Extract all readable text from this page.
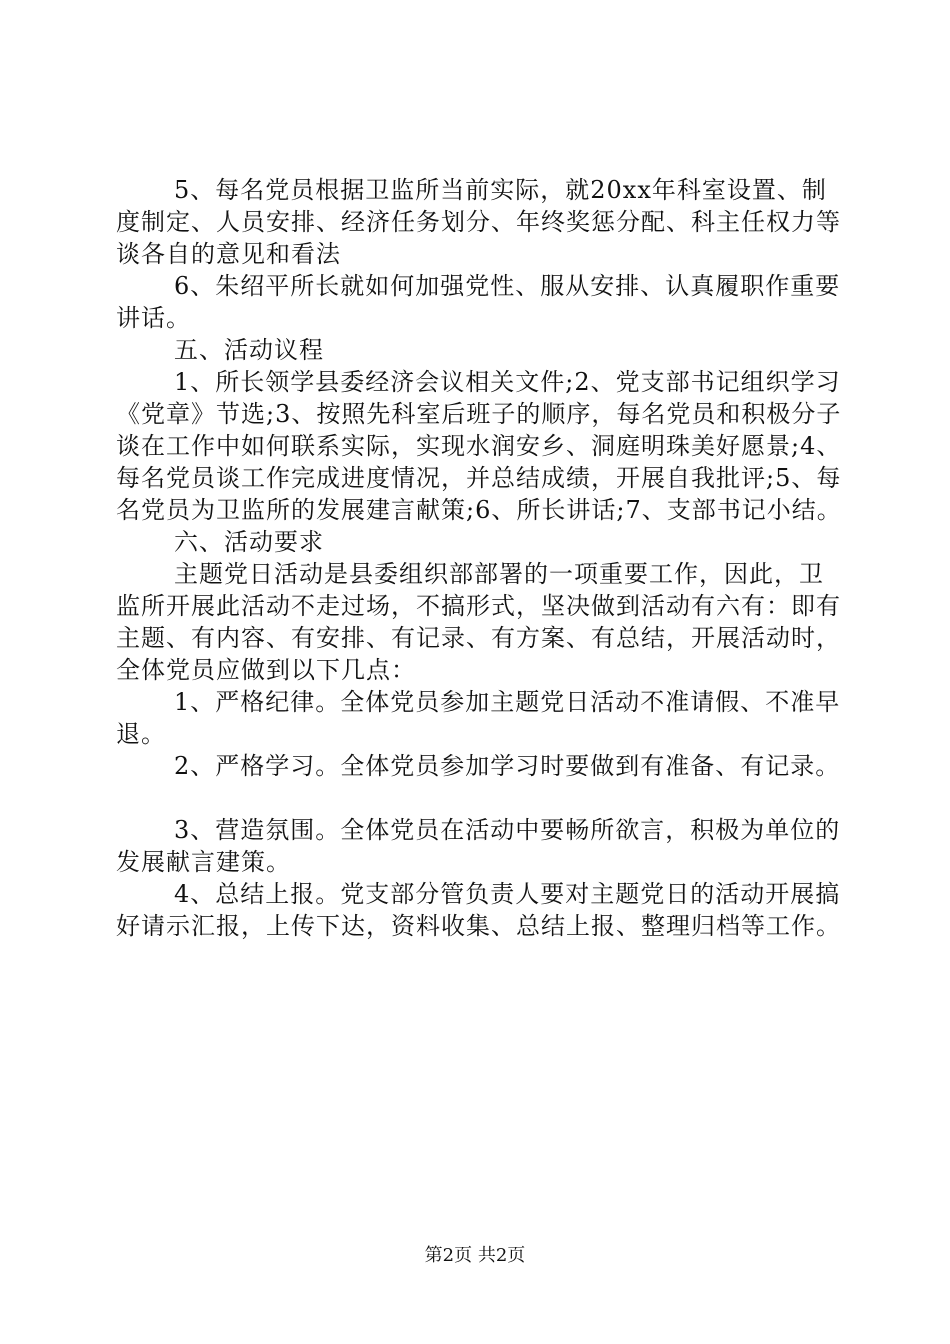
5、每名党员根据卫监所当前实际，就20xx年科室设置、制度制定、人员安排、经济任务划分、年终奖惩分配、科主任权力等谈各自的意见和看法

6、朱绍平所长就如何加强党性、服从安排、认真履职作重要讲话。

五、活动议程

1、所长领学县委经济会议相关文件;2、党支部书记组织学习《党章》节选;3、按照先科室后班子的顺序，每名党员和积极分子谈在工作中如何联系实际，实现水润安乡、洞庭明珠美好愿景;4、每名党员谈工作完成进度情况，并总结成绩，开展自我批评;5、每名党员为卫监所的发展建言献策;6、所长讲话;7、支部书记小结。

六、活动要求

主题党日活动是县委组织部部署的一项重要工作，因此，卫监所开展此活动不走过场，不搞形式，坚决做到活动有六有：即有主题、有内容、有安排、有记录、有方案、有总结，开展活动时，全体党员应做到以下几点：

1、严格纪律。全体党员参加主题党日活动不准请假、不准早退。

2、严格学习。全体党员参加学习时要做到有准备、有记录。

3、营造氛围。全体党员在活动中要畅所欲言，积极为单位的发展献言建策。

4、总结上报。党支部分管负责人要对主题党日的活动开展搞好请示汇报，上传下达，资料收集、总结上报、整理归档等工作。

第2页 共2页
